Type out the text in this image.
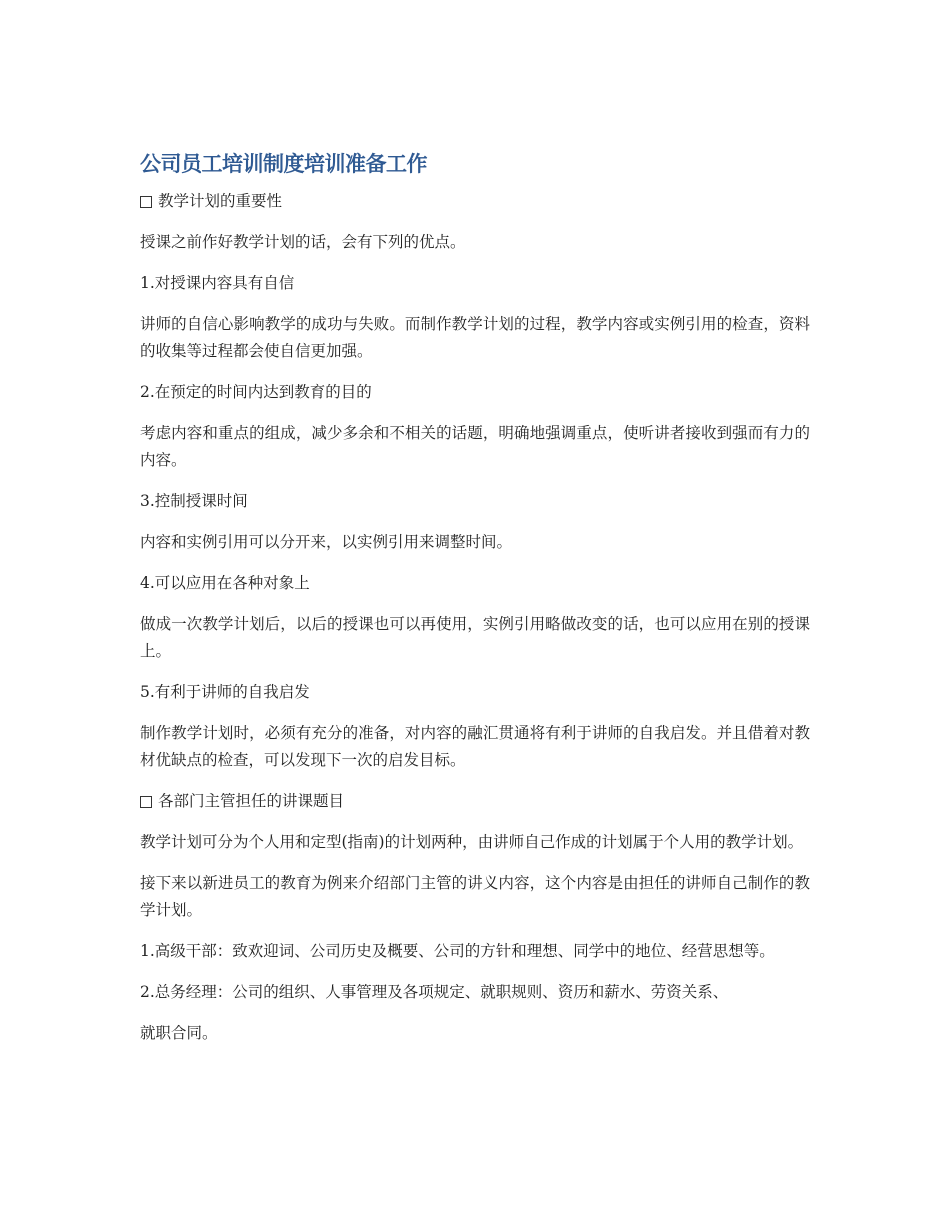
公司员工培训制度培训准备工作
教学计划的重要性
授课之前作好教学计划的话，会有下列的优点。
1.对授课内容具有自信
讲师的自信心影响教学的成功与失败。而制作教学计划的过程，教学内容或实例引用的检查，资料的收集等过程都会使自信更加强。
2.在预定的时间内达到教育的目的
考虑内容和重点的组成，减少多余和不相关的话题，明确地强调重点，使听讲者接收到强而有力的内容。
3.控制授课时间
内容和实例引用可以分开来，以实例引用来调整时间。
4.可以应用在各种对象上
做成一次教学计划后，以后的授课也可以再使用，实例引用略做改变的话，也可以应用在别的授课上。
5.有利于讲师的自我启发
制作教学计划时，必须有充分的准备，对内容的融汇贯通将有利于讲师的自我启发。并且借着对教材优缺点的检查，可以发现下一次的启发目标。
各部门主管担任的讲课题目
教学计划可分为个人用和定型(指南)的计划两种，由讲师自己作成的计划属于个人用的教学计划。
接下来以新进员工的教育为例来介绍部门主管的讲义内容，这个内容是由担任的讲师自己制作的教学计划。
1.高级干部：致欢迎词、公司历史及概要、公司的方针和理想、同学中的地位、经营思想等。
2.总务经理：公司的组织、人事管理及各项规定、就职规则、资历和薪水、劳资关系、
就职合同。
